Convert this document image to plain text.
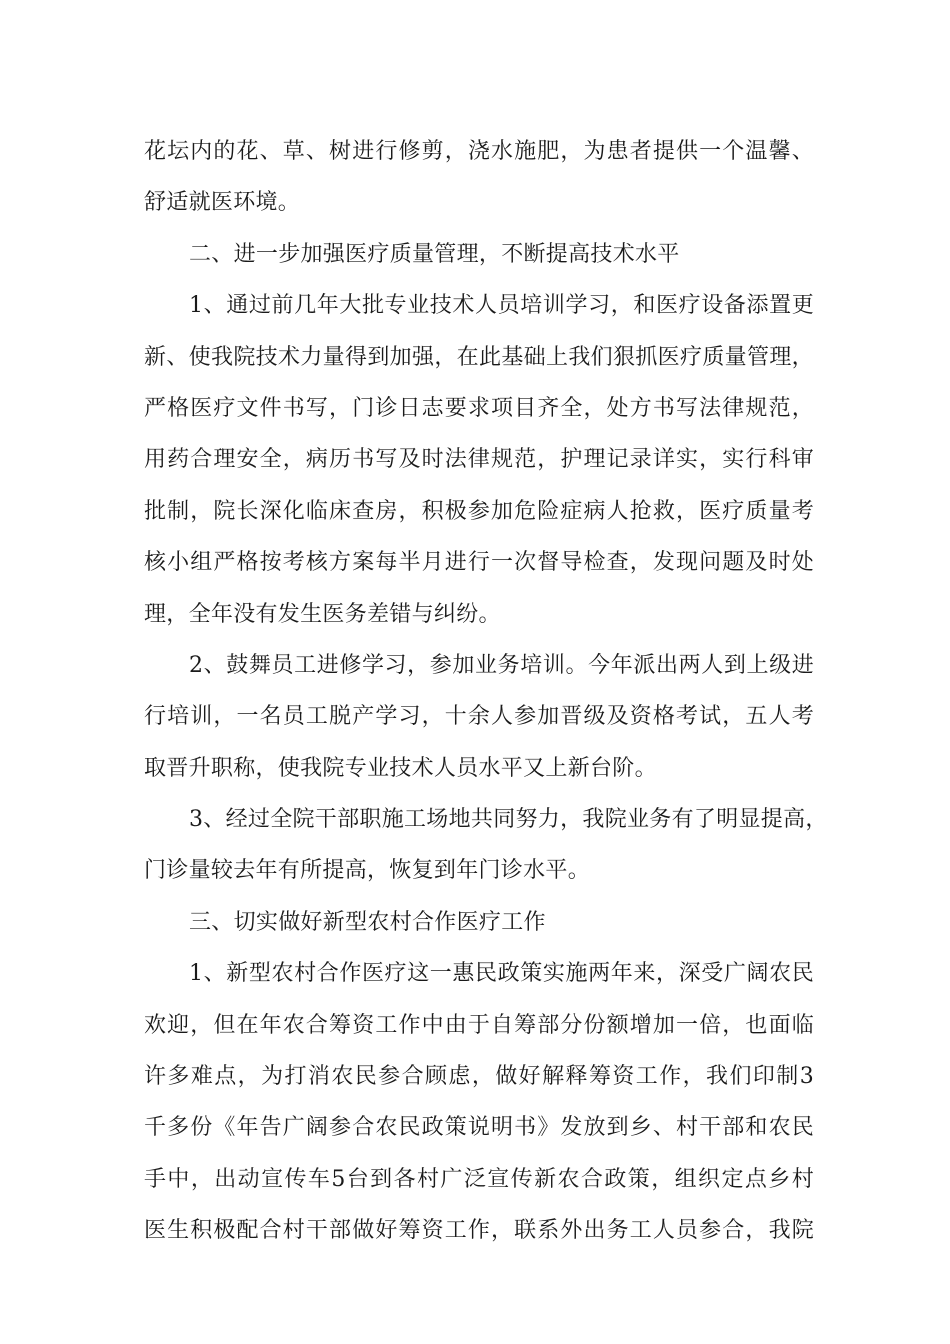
花坛内的花、草、树进行修剪，浇水施肥，为患者提供一个温馨、
舒适就医环境。
二、进一步加强医疗质量管理，不断提高技术水平
1、通过前几年大批专业技术人员培训学习，和医疗设备添置更
新、使我院技术力量得到加强，在此基础上我们狠抓医疗质量管理，
严格医疗文件书写，门诊日志要求项目齐全，处方书写法律规范，
用药合理安全，病历书写及时法律规范，护理记录详实，实行科审
批制，院长深化临床查房，积极参加危险症病人抢救，医疗质量考
核小组严格按考核方案每半月进行一次督导检查，发现问题及时处
理，全年没有发生医务差错与纠纷。
2、鼓舞员工进修学习，参加业务培训。今年派出两人到上级进
行培训，一名员工脱产学习，十余人参加晋级及资格考试，五人考
取晋升职称，使我院专业技术人员水平又上新台阶。
3、经过全院干部职施工场地共同努力，我院业务有了明显提高，
门诊量较去年有所提高，恢复到年门诊水平。
三、切实做好新型农村合作医疗工作
1、新型农村合作医疗这一惠民政策实施两年来，深受广阔农民
欢迎，但在年农合筹资工作中由于自筹部分份额增加一倍，也面临
许多难点，为打消农民参合顾虑，做好解释筹资工作，我们印制3
千多份《年告广阔参合农民政策说明书》发放到乡、村干部和农民
手中，出动宣传车5台到各村广泛宣传新农合政策，组织定点乡村
医生积极配合村干部做好筹资工作，联系外出务工人员参合，我院
